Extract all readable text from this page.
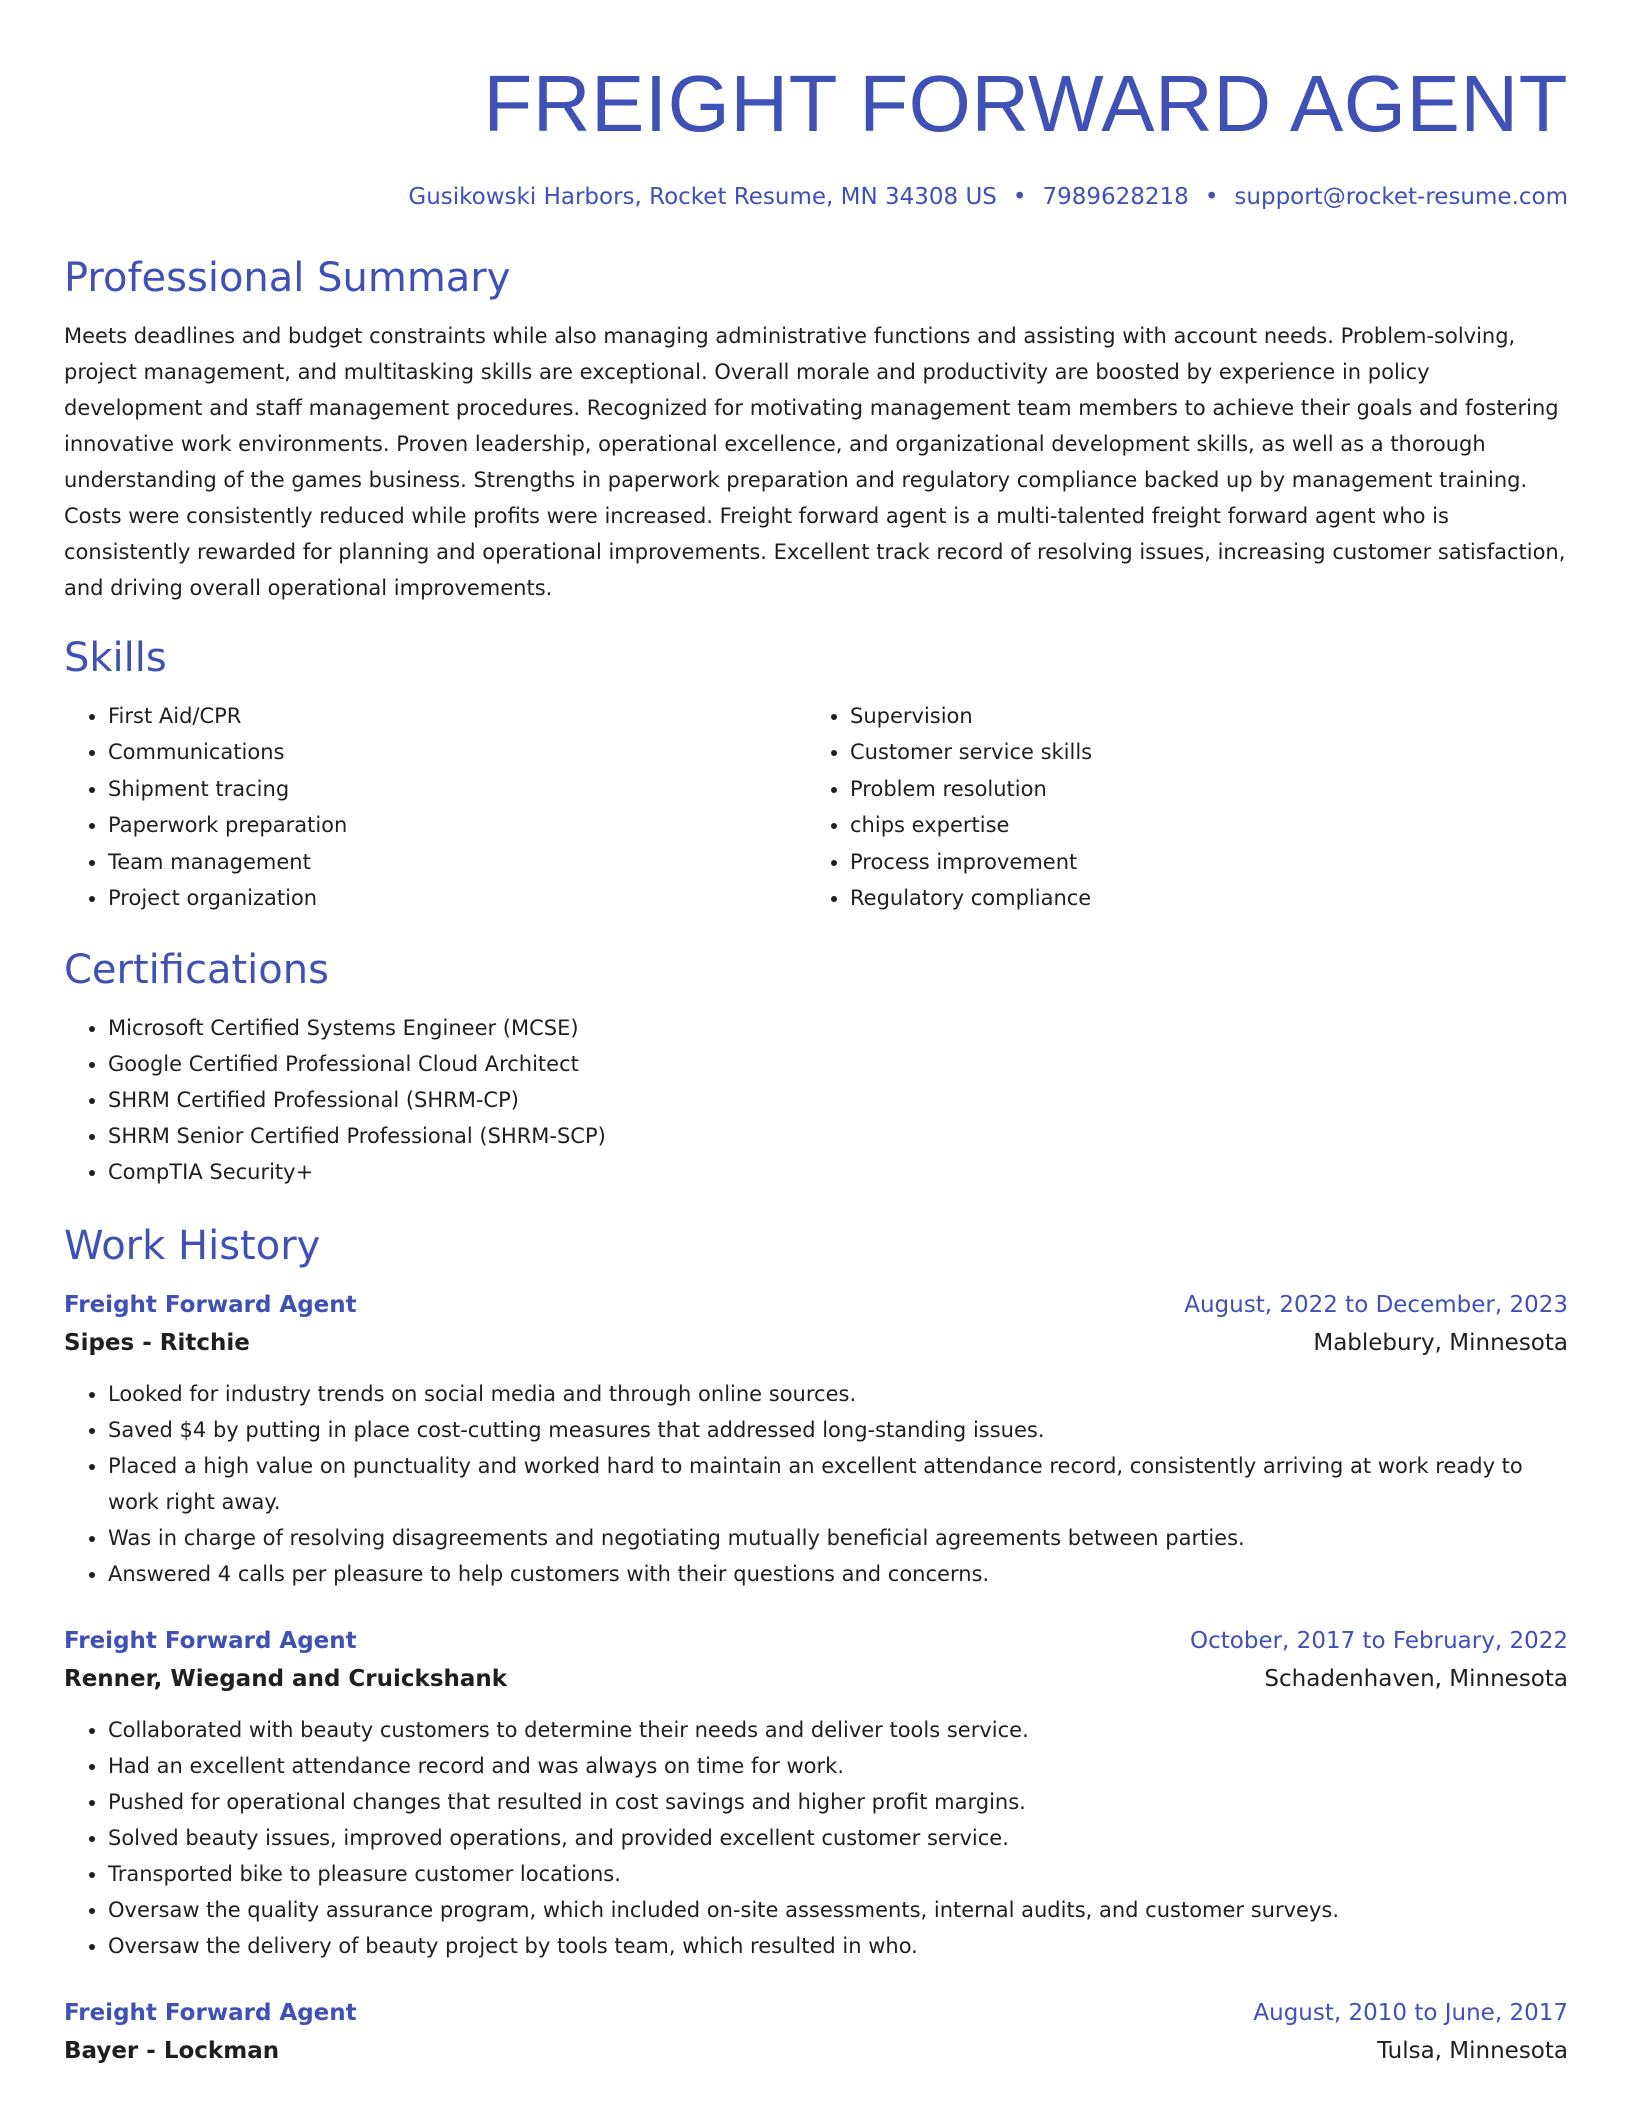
FREIGHT FORWARD AGENT
Gusikowski Harbors, Rocket Resume, MN 34308 US • 7989628218 • support@rocket-resume.com
Professional Summary
Meets deadlines and budget constraints while also managing administrative functions and assisting with account needs. Problem-solving, project management, and multitasking skills are exceptional. Overall morale and productivity are boosted by experience in policy development and staff management procedures. Recognized for motivating management team members to achieve their goals and fostering innovative work environments. Proven leadership, operational excellence, and organizational development skills, as well as a thorough understanding of the games business. Strengths in paperwork preparation and regulatory compliance backed up by management training. Costs were consistently reduced while profits were increased. Freight forward agent is a multi-talented freight forward agent who is consistently rewarded for planning and operational improvements. Excellent track record of resolving issues, increasing customer satisfaction, and driving overall operational improvements.
Skills
• First Aid/CPR
• Communications
• Shipment tracing
• Paperwork preparation
• Team management
• Project organization
• Supervision
• Customer service skills
• Problem resolution
• chips expertise
• Process improvement
• Regulatory compliance
Certifications
• Microsoft Certified Systems Engineer (MCSE)
• Google Certified Professional Cloud Architect
• SHRM Certified Professional (SHRM-CP)
• SHRM Senior Certified Professional (SHRM-SCP)
• CompTIA Security+
Work History
Freight Forward Agent	August, 2022 to December, 2023
Sipes - Ritchie	Mablebury, Minnesota
• Looked for industry trends on social media and through online sources.
• Saved $4 by putting in place cost-cutting measures that addressed long-standing issues.
• Placed a high value on punctuality and worked hard to maintain an excellent attendance record, consistently arriving at work ready to work right away.
• Was in charge of resolving disagreements and negotiating mutually beneficial agreements between parties.
• Answered 4 calls per pleasure to help customers with their questions and concerns.
Freight Forward Agent	October, 2017 to February, 2022
Renner, Wiegand and Cruickshank	Schadenhaven, Minnesota
• Collaborated with beauty customers to determine their needs and deliver tools service.
• Had an excellent attendance record and was always on time for work.
• Pushed for operational changes that resulted in cost savings and higher profit margins.
• Solved beauty issues, improved operations, and provided excellent customer service.
• Transported bike to pleasure customer locations.
• Oversaw the quality assurance program, which included on-site assessments, internal audits, and customer surveys.
• Oversaw the delivery of beauty project by tools team, which resulted in who.
Freight Forward Agent	August, 2010 to June, 2017
Bayer - Lockman	Tulsa, Minnesota
